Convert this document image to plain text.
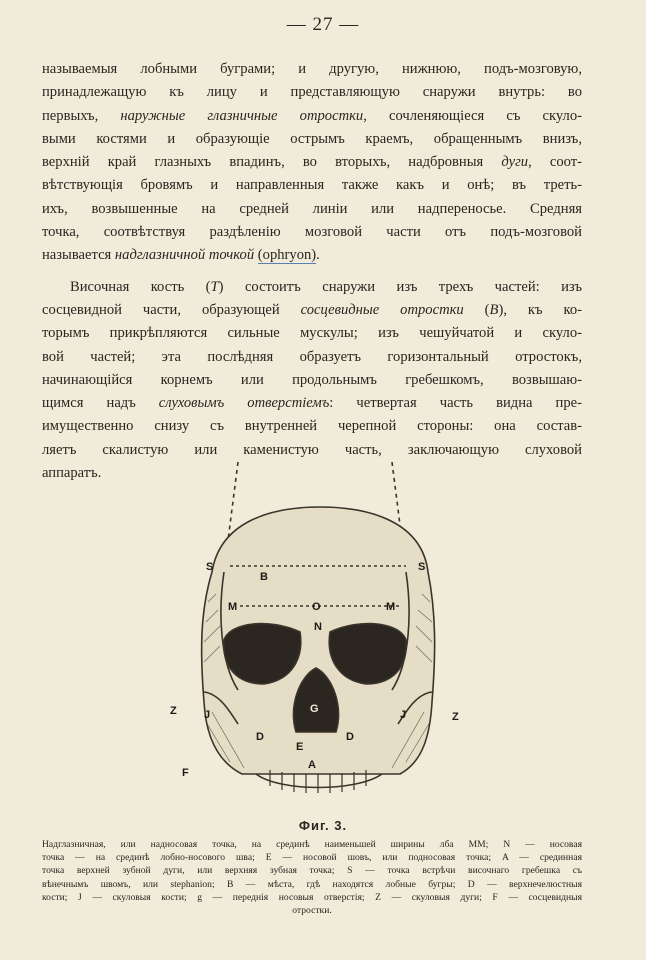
— 27 —
называемыя лобными буграми; и другую, нижнюю, подъ-мозговую,
принадлежащую къ лицу и представляющую снаружи внутрь: во
первыхъ, наружные глазничные отростки, сочленяющіеся съ скуло-
выми костями и образующіе острымъ краемъ, обращеннымъ внизъ,
верхній край глазныхъ впадинъ, во вторыхъ, надбровныя дуги, соот-
вѣтствующія бровямъ и направленныя также какъ и онѣ; въ треть-
ихъ, возвышенные на средней линіи или надпереносье. Средняя
точка, соотвѣтствуя раздѣленію мозговой части отъ подъ-мозговой
называется надглазничной точкой (ophryon).
Височная кость (T) состоитъ снаружи изъ трехъ частей: изъ
сосцевидной части, образующей сосцевидные отростки (B), къ ко-
торымъ прикрѣпляются сильные мускулы; изъ чешуйчатой и скуло-
вой частей; эта послѣдняя образуетъ горизонтальный отростокъ,
начинающійся корнемъ или продольнымъ гребешкомъ, возвышаю-
щимся надъ слуховымъ отверстіемъ: четвертая часть видна пре-
имущественно снизу съ внутренней черепной стороны: она состав-
ляетъ скалистую или каменистую часть, заключающую слуховой
аппаратъ.
S	S
B
M	O	M
N
Z	Z
J	J
G
D	D
E
F
A
Фиг. 3.
Надглазничная, или надносовая точка, на срединѣ наименьшей ширины лба MM; N — носовая
точка — на срединѣ лобно-носового шва; E — носовой шовъ, или подносовая точка; A — срединная
точка верхней зубной дуги, или верхняя зубная точка; S — точка встрѣчи височнаго гребешка съ
вѣнечнымъ швомъ, или stephanion; B — мѣста, гдѣ находятся лобные бугры; D — верхнечелюстныя
кости; J — скуловыя кости; g — переднія носовыя отверстія; Z — скуловыя дуги; F — сосцевидныя
отростки.
